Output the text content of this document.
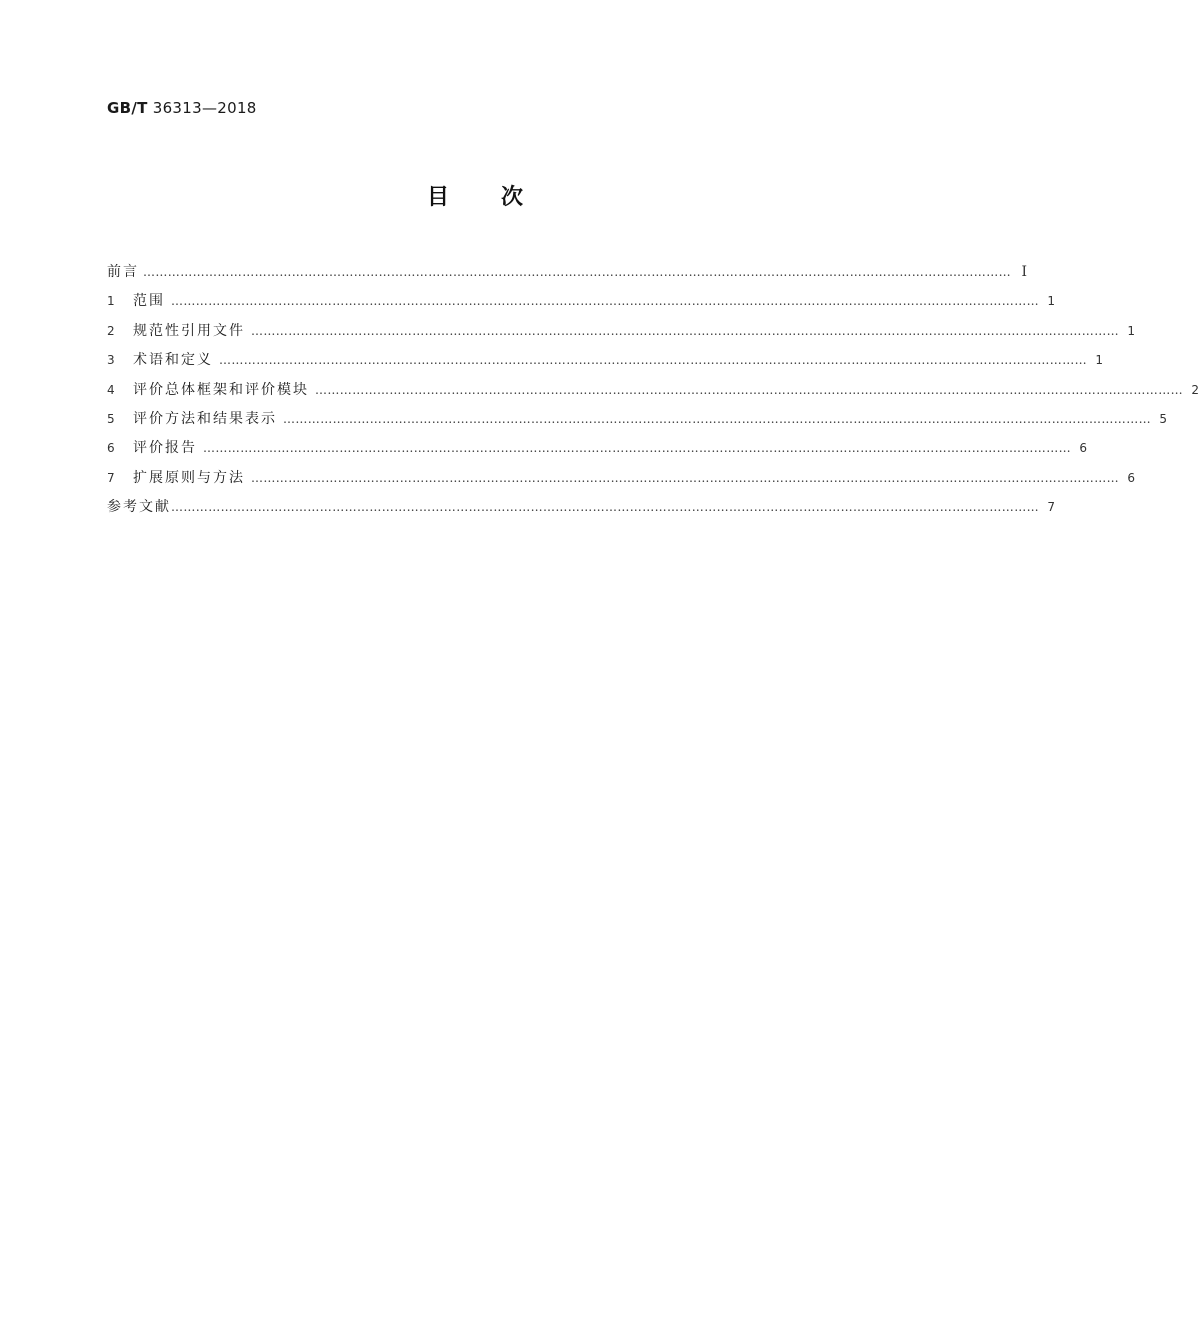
GB/T 36313—2018
目次
前言 ………………………………………………………………………………………………………………………………………………………………………………………… Ⅰ
1	范围 ………………………………………………………………………………………………………………………………………………………………………………………… 1
2	规范性引用文件 ………………………………………………………………………………………………………………………………………………………………………………………… 1
3	术语和定义 ………………………………………………………………………………………………………………………………………………………………………………………… 1
4	评价总体框架和评价模块 ………………………………………………………………………………………………………………………………………………………………………………………… 2
5	评价方法和结果表示 ………………………………………………………………………………………………………………………………………………………………………………………… 5
6	评价报告 ………………………………………………………………………………………………………………………………………………………………………………………… 6
7	扩展原则与方法 ………………………………………………………………………………………………………………………………………………………………………………………… 6
参考文献 ………………………………………………………………………………………………………………………………………………………………………………………… 7
